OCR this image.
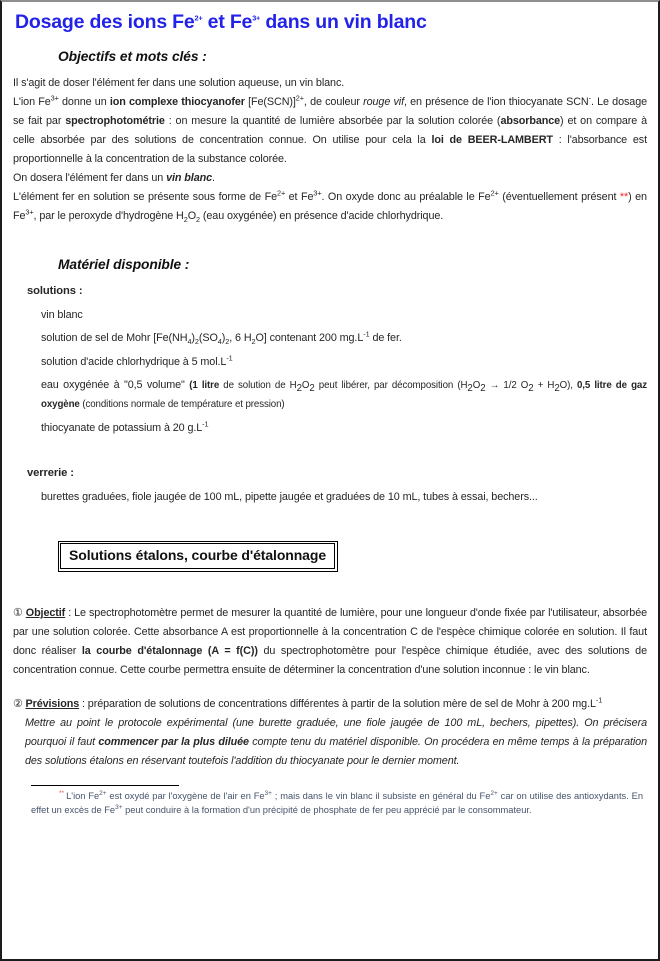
Dosage des ions $Fe^{2+}$ et $Fe^{3+}$ dans un vin blanc
Objectifs et mots clés :

Il s'agit de doser l'élément fer dans une solution aqueuse, un vin blanc.

L'ion $Fe^{3+}$ donne un ion complexe thiocyanofer $[Fe(SCN)]^{2+}$, de couleur rouge vif, en présence de l'ion thiocyanate SCN-. Le dosage se fait par spectrophotométrie : on mesure la quantité de lumière absorbée par la solution colorée (absorbance) et on compare à celle absorbée par des solutions de concentration connue. On utilise pour cela la loi de BEER-LAMBERT : l'absorbance est proportionnelle à la concentration de la substance colorée.

On dosera l'élément fer dans un vin blanc.

L'élément fer en solution se présente sous forme de $Fe^{2+}$ et $Fe^{3+}$. On oxyde donc au préalable le $Fe^{2+}$ (éventuellement présent **) en $Fe^{3+}$, par le peroxyde d'hydrogène $H_2O_2$ (eau oxygénée) en présence d'acide chlorhydrique.

Matériel disponible :
solutions :

vin blanc

solution de sel de Mohr [$Fe(NH_4)_2(SO_4)_2$, 6 $H_2O$] contenant 200 $mg.L^{-1}$ de fer.

solution d'acide chlorhydrique à 5 $mol.L^{-1}$

eau oxygénée à "0,5 volume" (1 litre de solution de $H_2O_2$ peut libérer, par décomposition ($H_2O_2 \to 1/2$ $O_2 + H_2O$), 0,5 litre de gaz oxygène (conditions normale de température et pression)

thiocyanate de potassium à 20 $g.L^{-1}$

verrerie :

burettes graduées, fiole jaugée de 100 mL, pipette jaugée et graduées de 10 mL, tubes à essai, bechers...

Solutions étalons, courbe d'étalonnage

① Objectif : Le spectrophotomètre permet de mesurer la quantité de lumière, pour une longueur d'onde fixée par l'utilisateur, absorbée par une solution colorée. Cette absorbance A est proportionnelle à la concentration C de l'espèce chimique colorée en solution. Il faut donc réaliser la courbe d'étalonnage (A = f(C)) du spectrophotomètre pour l'espèce chimique étudiée, avec des solutions de concentration connue. Cette courbe permettra ensuite de déterminer la concentration d'une solution inconnue : le vin blanc.

② Prévisions : préparation de solutions de concentrations différentes à partir de la solution mère de sel de Mohr à 200 $mg.L^{-1}$

Mettre au point le protocole expérimental (une burette graduée, une fiole jaugée de 100 mL, bechers, pipettes). On précisera pourquoi il faut commencer par la plus diluée compte tenu du matériel disponible. On procédera en même temps à la préparation des solutions étalons en réservant toutefois l'addition du thiocyanate pour le dernier moment.

** L'ion $Fe^{2+}$ est oxydé par l'oxygène de l'air en $Fe^{3+}$ ; mais dans le vin blanc il subsiste en général du $Fe^{2+}$ car on utilise des antioxydants. En effet un excès de $Fe^{3+}$ peut conduire à la formation d'un précipité de phosphate de fer peu apprécié par le consommateur.
